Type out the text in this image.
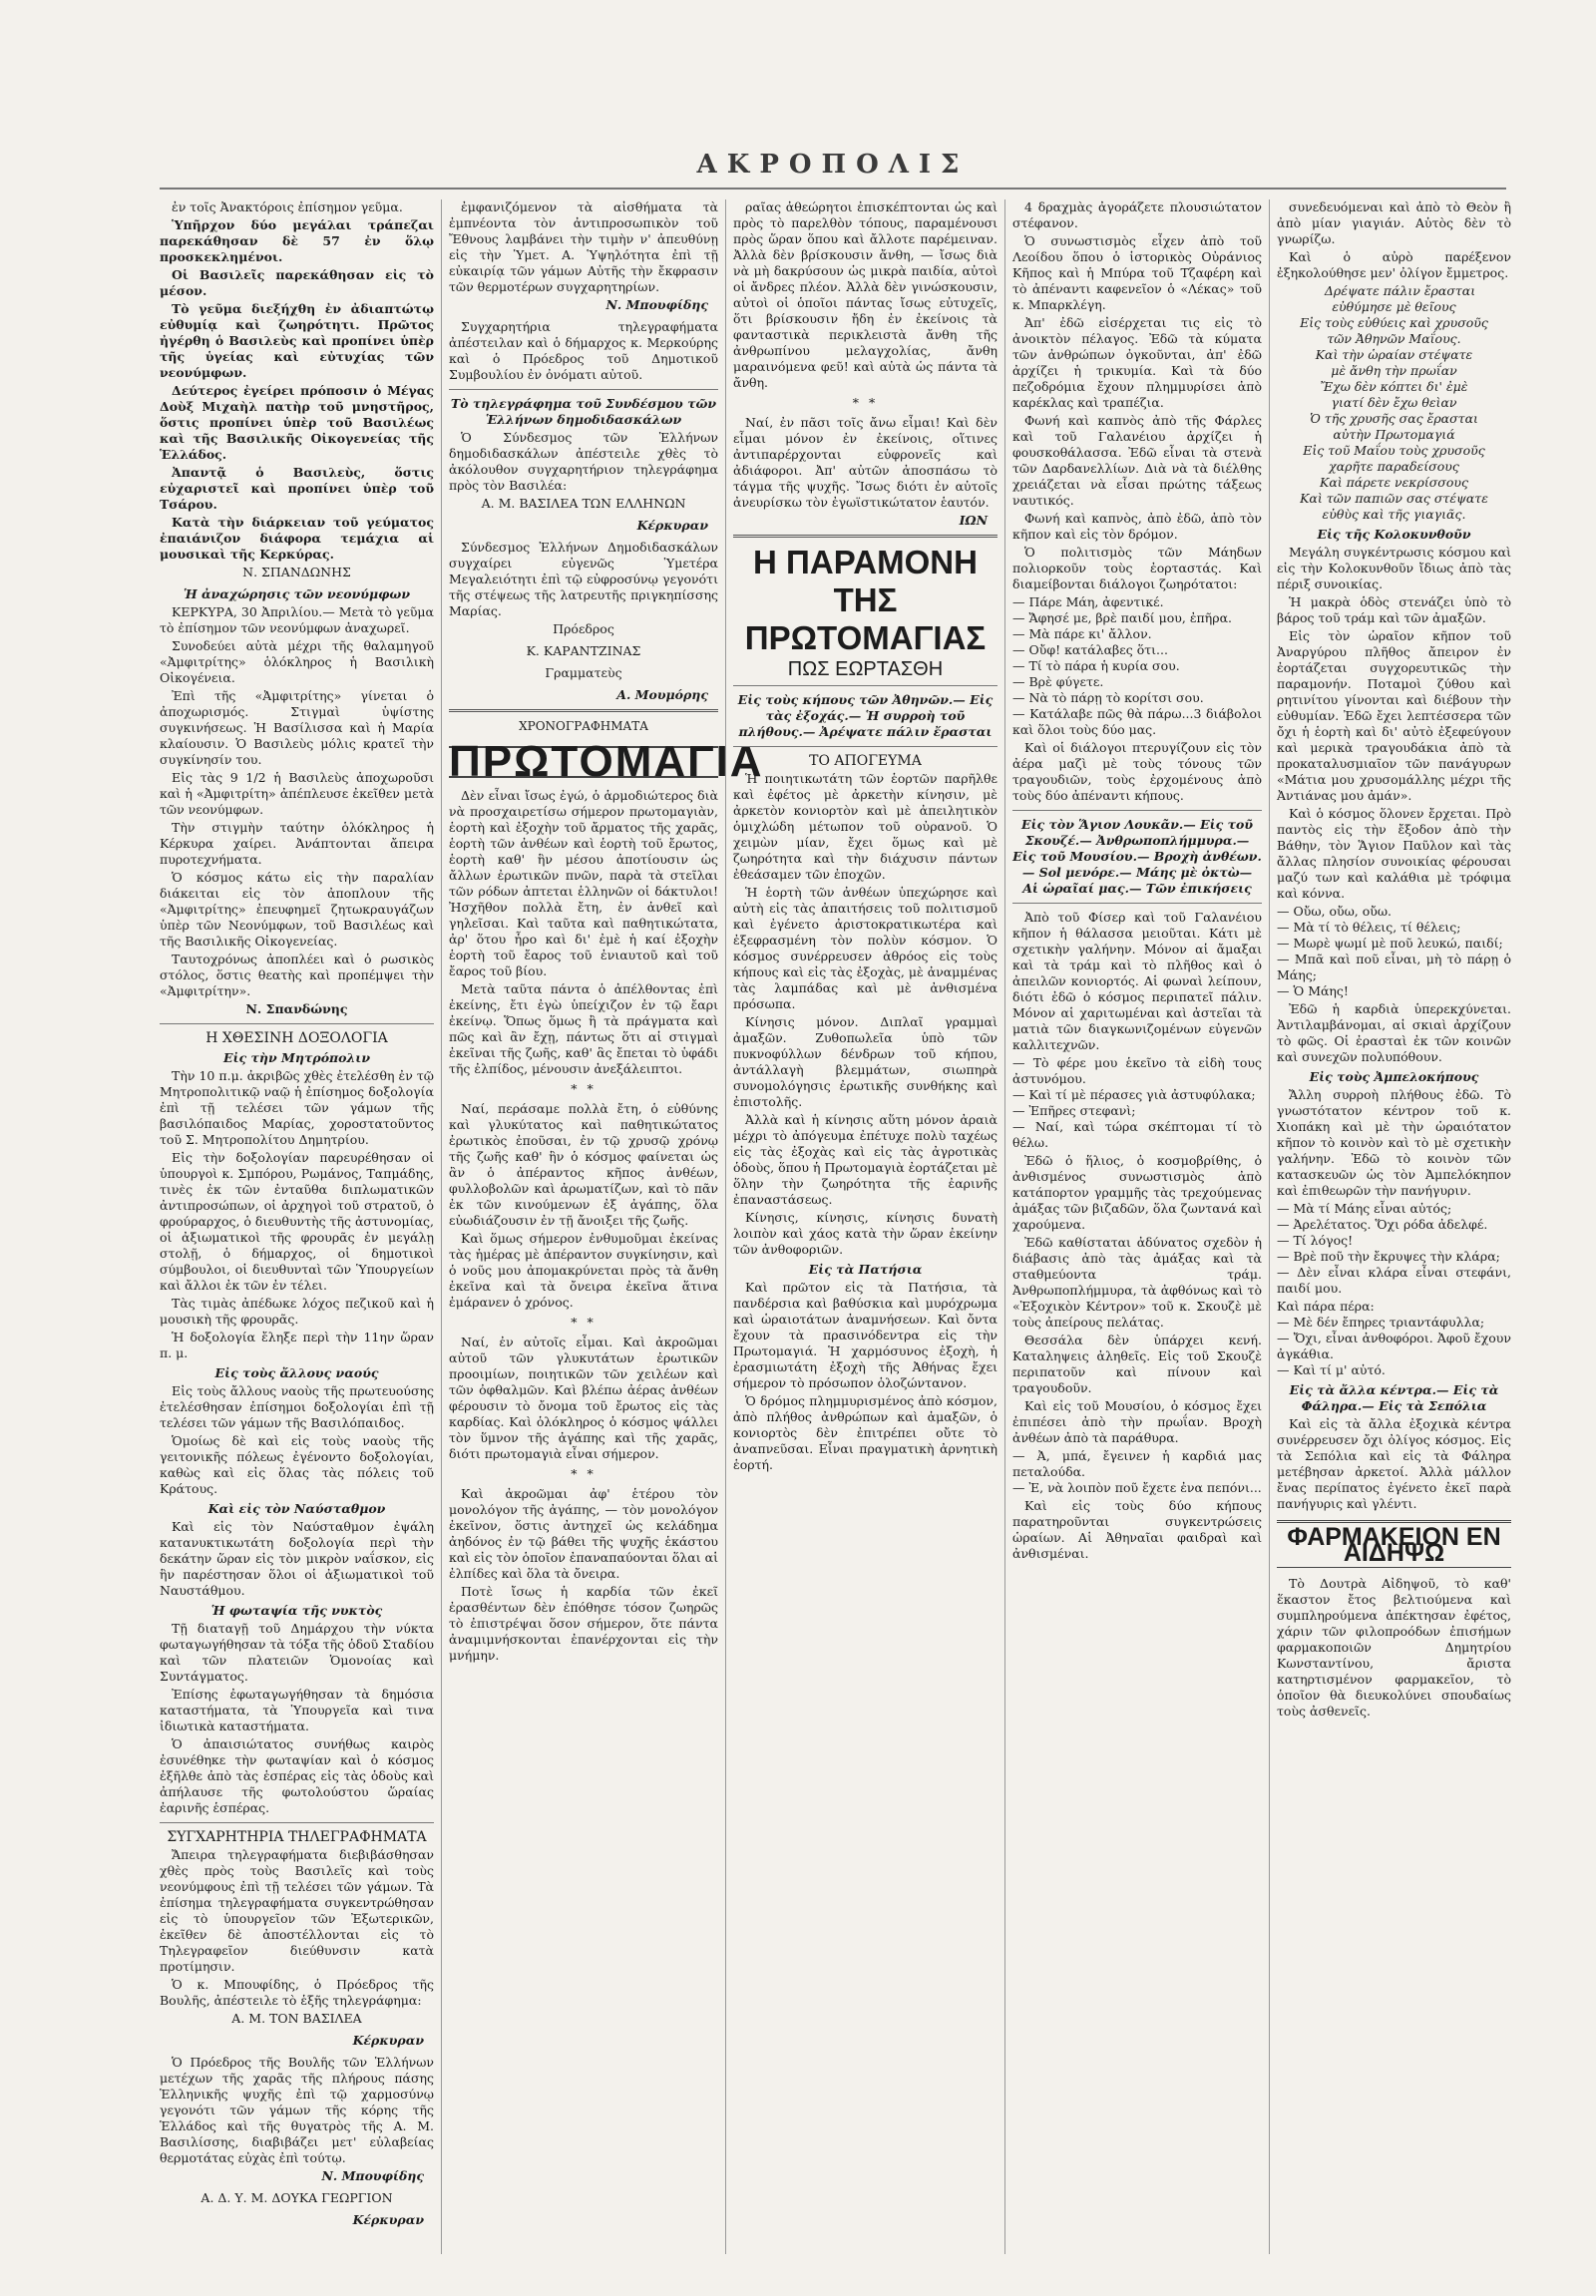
ΑΚΡΟΠΟΛΙΣ

ἐν τοῖς Ἀνακτόροις ἐπίσημον γεῦμα.

Ὑπῆρχον δύο μεγάλαι τράπεζαι παρεκάθησαν δὲ 57 ἐν ὅλῳ προσκεκλημένοι.

Οἱ Βασιλεῖς παρεκάθησαν εἰς τὸ μέσον.

Τὸ γεῦμα διεξήχθη ἐν ἀδιαπτώτῳ εὐθυμίᾳ καὶ ζωηρότητι. Πρῶτος ἠγέρθη ὁ Βασιλεὺς καὶ προπίνει ὑπὲρ τῆς ὑγείας καὶ εὐτυχίας τῶν νεονύμφων.

Δεύτερος ἐγείρει πρόποσιν ὁ Μέγας Δοὺξ Μιχαὴλ πατὴρ τοῦ μνηστῆρος, ὅστις προπίνει ὑπὲρ τοῦ Βασιλέως καὶ τῆς Βασιλικῆς Οἰκογενείας τῆς Ἑλλάδος.

Ἀπαντᾷ ὁ Βασιλεὺς, ὅστις εὐχαριστεῖ καὶ προπίνει ὑπὲρ τοῦ Τσάρου.

Κατὰ τὴν διάρκειαν τοῦ γεύματος ἐπαιάνιζον διάφορα τεμάχια αἱ μουσικαὶ τῆς Κερκύρας.

Ν. ΣΠΑΝΔΩΝΗΣ

Ἡ ἀναχώρησις τῶν νεονύμφων

ΚΕΡΚΥΡΑ, 30 Ἀπριλίου.— Μετὰ τὸ γεῦμα τὸ ἐπίσημον τῶν νεονύμφων ἀναχωρεῖ.

Συνοδεύει αὐτὰ μέχρι τῆς θαλαμηγοῦ «Ἀμφιτρίτης» ὁλόκληρος ἡ Βασιλικὴ Οἰκογένεια.

Ἐπὶ τῆς «Ἀμφιτρίτης» γίνεται ὁ ἀποχωρισμός. Στιγμαὶ ὑψίστης συγκινήσεως. Ἡ Βασίλισσα καὶ ἡ Μαρία κλαίουσιν. Ὁ Βασιλεὺς μόλις κρατεῖ τὴν συγκίνησίν του.

Εἰς τὰς 9 1/2 ἡ Βασιλεὺς ἀποχωροῦσι καὶ ἡ «Ἀμφιτρίτη» ἀπέπλευσε ἐκεῖθεν μετὰ τῶν νεονύμφων.

Τὴν στιγμὴν ταύτην ὁλόκληρος ἡ Κέρκυρα χαίρει. Ἀνάπτονται ἄπειρα πυροτεχνήματα.

Ὁ κόσμος κάτω εἰς τὴν παραλίαν διάκειται εἰς τὸν ἀποπλουν τῆς «Ἀμφιτρίτης» ἐπευφημεῖ ζητωκραυγάζων ὑπὲρ τῶν Νεονύμφων, τοῦ Βασιλέως καὶ τῆς Βασιλικῆς Οἰκογενείας.

Ταυτοχρόνως ἀποπλέει καὶ ὁ ρωσικὸς στόλος, ὅστις θεατὴς καὶ προπέμψει τὴν «Ἀμφιτρίτην».

Ν. Σπανδώνης

Η ΧΘΕΣΙΝΗ ΔΟΞΟΛΟΓΙΑ

Εἰς τὴν Μητρόπολιν

Τὴν 10 π.μ. ἀκριβῶς χθὲς ἐτελέσθη ἐν τῷ Μητροπολιτικῷ ναῷ ἡ ἐπίσημος δοξολογία ἐπὶ τῇ τελέσει τῶν γάμων τῆς βασιλόπαιδος Μαρίας, χοροστατοῦντος τοῦ Σ. Μητροπολίτου Δημητρίου.

Εἰς τὴν δοξολογίαν παρευρέθησαν οἱ ὑπουργοὶ κ. Σμπόρου, Ρωμάνος, Ταπμάδης, τινὲς ἐκ τῶν ἐνταῦθα διπλωματικῶν ἀντιπροσώπων, οἱ ἀρχηγοὶ τοῦ στρατοῦ, ὁ φρούραρχος, ὁ διευθυντὴς τῆς ἀστυνομίας, οἱ ἀξιωματικοὶ τῆς φρουρᾶς ἐν μεγάλῃ στολῇ, ὁ δήμαρχος, οἱ δημοτικοὶ σύμβουλοι, οἱ διευθυνταὶ τῶν Ὑπουργείων καὶ ἄλλοι ἐκ τῶν ἐν τέλει.

Τὰς τιμὰς ἀπέδωκε λόχος πεζικοῦ καὶ ἡ μουσικὴ τῆς φρουρᾶς.

Ἡ δοξολογία ἔληξε περὶ τὴν 11ην ὥραν π. μ.

Εἰς τοὺς ἄλλους ναούς

Εἰς τοὺς ἄλλους ναοὺς τῆς πρωτευούσης ἐτελέσθησαν ἐπίσημοι δοξολογίαι ἐπὶ τῇ τελέσει τῶν γάμων τῆς Βασιλόπαιδος.

Ὁμοίως δὲ καὶ εἰς τοὺς ναοὺς τῆς γειτονικῆς πόλεως ἐγένοντο δοξολογίαι, καθὼς καὶ εἰς ὅλας τὰς πόλεις τοῦ Κράτους.

Καὶ εἰς τὸν Ναύσταθμον

Καὶ εἰς τὸν Ναύσταθμον ἐψάλη κατανυκτικωτάτη δοξολογία περὶ τὴν δεκάτην ὥραν εἰς τὸν μικρὸν ναΐσκον, εἰς ἣν παρέστησαν ὅλοι οἱ ἀξιωματικοὶ τοῦ Ναυστάθμου.

Ἡ φωταψία τῆς νυκτὸς

Τῇ διαταγῇ τοῦ Δημάρχου τὴν νύκτα φωταγωγήθησαν τὰ τόξα τῆς ὁδοῦ Σταδίου καὶ τῶν πλατειῶν Ὁμονοίας καὶ Συντάγματος.

Ἐπίσης ἐφωταγωγήθησαν τὰ δημόσια καταστήματα, τὰ Ὑπουργεῖα καὶ τινα ἰδιωτικὰ καταστήματα.

Ὁ ἀπαισιώτατος συνήθως καιρὸς ἐσυνέθηκε τὴν φωταψίαν καὶ ὁ κόσμος ἐξῆλθε ἀπὸ τὰς ἑσπέρας εἰς τὰς ὁδοὺς καὶ ἀπήλαυσε τῆς φωτολούστου ὥραίας ἐαρινῆς ἑσπέρας.

ΣΥΓΧΑΡΗΤΗΡΙΑ ΤΗΛΕΓΡΑΦΗΜΑΤΑ

Ἄπειρα τηλεγραφήματα διεβιβάσθησαν χθὲς πρὸς τοὺς Βασιλεῖς καὶ τοὺς νεονύμφους ἐπὶ τῇ τελέσει τῶν γάμων. Τὰ ἐπίσημα τηλεγραφήματα συγκεντρώθησαν εἰς τὸ ὑπουργεῖον τῶν Ἐξωτερικῶν, ἐκεῖθεν δὲ ἀποστέλλονται εἰς τὸ Τηλεγραφεῖον διεύθυνσιν κατὰ προτίμησιν.

Ὁ κ. Μπουφίδης, ὁ Πρόεδρος τῆς Βουλῆς, ἀπέστειλε τὸ ἑξῆς τηλεγράφημα:

Α. Μ. ΤΟΝ ΒΑΣΙΛΕΑ

Κέρκυραν

Ὁ Πρόεδρος τῆς Βουλῆς τῶν Ἑλλήνων μετέχων τῆς χαρᾶς τῆς πλήρους πάσης Ἑλληνικῆς ψυχῆς ἐπὶ τῷ χαρμοσύνῳ γεγονότι τῶν γάμων τῆς κόρης τῆς Ἑλλάδος καὶ τῆς θυγατρὸς τῆς Α. Μ. Βασιλίσσης, διαβιβάζει μετ' εὐλαβείας θερμοτάτας εὐχὰς ἐπὶ τούτῳ.

Ν. Μπουφίδης

Α. Δ. Υ. Μ. ΔΟΥΚΑ ΓΕΩΡΓΙΟΝ

Κέρκυραν

ἐμφανιζόμενον τὰ αἰσθήματα τὰ ἐμπνέοντα τὸν ἀντιπροσωπικὸν τοῦ Ἔθνους λαμβάνει τὴν τιμὴν ν' ἀπευθύνῃ εἰς τὴν Ὑμετ. Α. Ὑψηλότητα ἐπὶ τῇ εὐκαιρίᾳ τῶν γάμων Αὐτῆς τὴν ἔκφρασιν τῶν θερμοτέρων συγχαρητηρίων.

Ν. Μπουφίδης

Συγχαρητήρια τηλεγραφήματα ἀπέστειλαν καὶ ὁ δήμαρχος κ. Μερκούρης καὶ ὁ Πρόεδρος τοῦ Δημοτικοῦ Συμβουλίου ἐν ὀνόματι αὐτοῦ.

Τὸ τηλεγράφημα τοῦ Συνδέσμου τῶν Ἑλλήνων δημοδιδασκάλων

Ὁ Σύνδεσμος τῶν Ἑλλήνων δημοδιδασκάλων ἀπέστειλε χθὲς τὸ ἀκόλουθον συγχαρητήριον τηλεγράφημα πρὸς τὸν Βασιλέα:

Α. Μ. ΒΑΣΙΛΕΑ ΤΩΝ ΕΛΛΗΝΩΝ

Κέρκυραν

Σύνδεσμος Ἑλλήνων Δημοδιδασκάλων συγχαίρει εὐγενῶς Ὑμετέρα Μεγαλειότητι ἐπὶ τῷ εὐφροσύνῳ γεγονότι τῆς στέψεως τῆς λατρευτῆς πριγκηπίσσης Μαρίας.

Πρόεδρος

Κ. ΚΑΡΑΝΤΖΙΝΑΣ

Γραμματεὺς

Α. Μουμόρης

ΧΡΟΝΟΓΡΑΦΗΜΑΤΑ

ΠΡΩΤΟΜΑΓΙΑ

Δὲν εἶναι ἴσως ἐγώ, ὁ ἁρμοδιώτερος διὰ νὰ προσχαιρετίσω σήμερον πρωτομαγιὰν, ἑορτὴ καὶ ἐξοχὴν τοῦ ἄρματος τῆς χαρᾶς, ἑορτὴ τῶν ἀνθέων καὶ ἑορτὴ τοῦ ἔρωτος, ἑορτὴ καθ' ἣν μέσου ἀποτίουσιν ὡς ἄλλων ἐρωτικῶν πνῶν, παρὰ τὰ στεῖλαι τῶν ρόδων ἀπτεται ἑλληνῶν οἱ δάκτυλοι! Ἠσχῆθον πολλὰ ἔτη, ἐν ἀνθεῖ καὶ γηλεῖσαι. Καὶ ταῦτα καὶ παθητικώτατα, ἀρ' ὅτου ἦρο καὶ δι' ἐμὲ ἡ καί ἐξοχὴν ἑορτὴ τοῦ ἔαρος τοῦ ἐνιαυτοῦ καὶ τοῦ ἔαρος τοῦ βίου.

Μετὰ ταῦτα πάντα ὁ ἀπέλθοντας ἐπὶ ἐκείνης, ἔτι ἐγὼ ὑπείχιζον ἐν τῷ ἔαρι ἐκείνῳ. Ὅπως ὅμως ἢ τὰ πράγματα καὶ πῶς καὶ ἂν ἔχῃ, πάντως ὅτι αἱ στιγμαὶ ἐκεῖναι τῆς ζωῆς, καθ' ἃς ἔπεται τὸ ὑφάδι τῆς ἐλπίδος, μένουσιν ἀνεξάλειπτοι.

* *

Ναί, περάσαμε πολλὰ ἔτη, ὁ εὐθύνης καὶ γλυκύτατος καὶ παθητικώτατος ἐρωτικὸς ἐποῦσαι, ἐν τῷ χρυσῷ χρόνῳ τῆς ζωῆς καθ' ἣν ὁ κόσμος φαίνεται ὡς ἂν ὁ ἀπέραντος κῆπος ἀνθέων, φυλλοβολῶν καὶ ἀρωματίζων, καὶ τὸ πᾶν ἐκ τῶν κινούμενων ἐξ ἀγάπης, ὅλα εὐωδιάζουσιν ἐν τῇ ἄνοιξει τῆς ζωῆς.

Καὶ ὅμως σήμερον ἐνθυμοῦμαι ἐκείνας τὰς ἡμέρας μὲ ἀπέραντον συγκίνησιν, καὶ ὁ νοῦς μου ἀπομακρύνεται πρὸς τὰ ἄνθη ἐκεῖνα καὶ τὰ ὄνειρα ἐκεῖνα ἅτινα ἐμάρανεν ὁ χρόνος.

* *

Ναί, ἐν αὐτοῖς εἶμαι. Καὶ ἀκροῶμαι αὐτοῦ τῶν γλυκυτάτων ἐρωτικῶν προοιμίων, ποιητικῶν τῶν χειλέων καὶ τῶν ὀφθαλμῶν. Καὶ βλέπω ἀέρας ἀνθέων φέρουσιν τὸ ὄνομα τοῦ ἔρωτος εἰς τὰς καρδίας. Καὶ ὁλόκληρος ὁ κόσμος ψάλλει τὸν ὕμνον τῆς ἀγάπης καὶ τῆς χαρᾶς, διότι πρωτομαγιὰ εἶναι σήμερον.

* *

Καὶ ἀκροῶμαι ἀφ' ἑτέρου τὸν μονολόγον τῆς ἀγάπης, — τὸν μονολόγον ἐκεῖνον, ὅστις ἀντηχεῖ ὡς κελάδημα ἀηδόνος ἐν τῷ βάθει τῆς ψυχῆς ἑκάστου καὶ εἰς τὸν ὁποῖον ἐπαναπαύονται ὅλαι αἱ ἐλπίδες καὶ ὅλα τὰ ὄνειρα.

Ποτὲ ἴσως ἡ καρδία τῶν ἐκεῖ ἐρασθέντων δὲν ἐπόθησε τόσον ζωηρῶς τὸ ἐπιστρέψαι ὅσον σήμερον, ὅτε πάντα ἀναμιμνήσκονται ἐπανέρχονται εἰς τὴν μνήμην.

ραῖας ἀθεώρητοι ἐπισκέπτονται ὡς καὶ πρὸς τὸ παρελθὸν τόπους, παραμένουσι πρὸς ὥραν ὅπου καὶ ἄλλοτε παρέμειναν. Ἀλλὰ δὲν βρίσκουσιν ἄνθη, — ἴσως διὰ νὰ μὴ δακρύσουν ὡς μικρὰ παιδία, αὐτοὶ οἱ ἄνδρες πλέον. Ἀλλὰ δὲν γινώσκουσιν, αὐτοὶ οἱ ὁποῖοι πάντας ἴσως εὐτυχεῖς, ὅτι βρίσκουσιν ἤδη ἐν ἐκείνοις τὰ φανταστικὰ περικλειστὰ ἄνθη τῆς ἀνθρωπίνου μελαγχολίας, ἄνθη μαραινόμενα φεῦ! καὶ αὐτὰ ὡς πάντα τὰ ἄνθη.

* *

Ναί, ἐν πᾶσι τοῖς ἄνω εἶμαι! Καὶ δὲν εἶμαι μόνον ἐν ἐκείνοις, οἵτινες ἀντιπαρέρχονται εὐφρονεῖς καὶ ἀδιάφοροι. Ἀπ' αὐτῶν ἀποσπάσω τὸ τάγμα τῆς ψυχῆς. Ἴσως διότι ἐν αὐτοῖς ἀνευρίσκω τὸν ἐγωϊστικώτατον ἑαυτόν.

ΙΩΝ

Η ΠΑΡΑΜΟΝΗ ΤΗΣ ΠΡΩΤΟΜΑΓΙΑΣ
ΠΩΣ ΕΩΡΤΑΣΘΗ

Εἰς τοὺς κήπους τῶν Ἀθηνῶν.— Εἰς τὰς ἐξοχάς.— Ἡ συρροὴ τοῦ πλήθους.— Ἀρέψατε πάλιν ἔρασται

ΤΟ ΑΠΟΓΕΥΜΑ

Ἡ ποιητικωτάτη τῶν ἑορτῶν παρῆλθε καὶ ἐφέτος μὲ ἀρκετὴν κίνησιν, μὲ ἀρκετὸν κονιορτὸν καὶ μὲ ἀπειλητικὸν ὁμιχλώδη μέτωπον τοῦ οὐρανοῦ. Ὁ χειμὼν μίαν, ἔχει ὅμως καὶ μὲ ζωηρότητα καὶ τὴν διάχυσιν πάντων ἐθεάσαμεν τῶν ἐποχῶν.

Ἡ ἑορτὴ τῶν ἀνθέων ὑπεχώρησε καὶ αὐτὴ εἰς τὰς ἀπαιτήσεις τοῦ πολιτισμοῦ καὶ ἐγένετο ἀριστοκρατικωτέρα καὶ ἐξεφρασμένη τὸν πολὺν κόσμον. Ὁ κόσμος συνέρρευσεν ἀθρόος εἰς τοὺς κήπους καὶ εἰς τὰς ἐξοχὰς, μὲ ἀναμμένας τὰς λαμπάδας καὶ μὲ ἀνθισμένα πρόσωπα.

Κίνησις μόνον. Διπλαῖ γραμμαὶ ἀμαξῶν. Ζυθοπωλεῖα ὑπὸ τῶν πυκνοφύλλων δένδρων τοῦ κήπου, ἀντάλλαγὴ βλεμμάτων, σιωπηρὰ συνομολόγησις ἐρωτικῆς συνθήκης καὶ ἐπιστολῆς.

Ἀλλὰ καὶ ἡ κίνησις αὕτη μόνον ἀραιὰ μέχρι τὸ ἀπόγευμα ἐπέτυχε πολὺ ταχέως εἰς τὰς ἐξοχὰς καὶ εἰς τὰς ἀγροτικὰς ὁδοὺς, ὅπου ἡ Πρωτομαγιὰ ἐορτάζεται μὲ ὅλην τὴν ζωηρότητα τῆς ἐαρινῆς ἐπαναστάσεως.

Κίνησις, κίνησις, κίνησις δυνατὴ λοιπὸν καὶ χάος κατὰ τὴν ὥραν ἐκείνην τῶν ἀνθοφοριῶν.

Εἰς τὰ Πατήσια

Καὶ πρῶτον εἰς τὰ Πατήσια, τὰ πανδέρσια καὶ βαθύσκια καὶ μυρόχρωμα καὶ ὡραιοτάτων ἀναμνήσεων. Καὶ ὄντα ἔχουν τὰ πρασινόδεντρα εἰς τὴν Πρωτομαγιά. Ἡ χαρμόσυνος ἐξοχὴ, ἡ ἐρασμιωτάτη ἐξοχὴ τῆς Ἀθήνας ἔχει σήμερον τὸ πρόσωπον ὁλοζώντανον.

Ὁ δρόμος πλημμυρισμένος ἀπὸ κόσμον, ἀπὸ πλήθος ἀνθρώπων καὶ ἀμαξῶν, ὁ κονιορτὸς δὲν ἐπιτρέπει οὔτε τὸ ἀναπνεῦσαι. Εἶναι πραγματικὴ ἀρνητικὴ ἑορτή.

4 δραχμὰς ἀγοράζετε πλουσιώτατον στέφανον.

Ὁ συνωστισμὸς εἶχεν ἀπὸ τοῦ Λεοίδου ὅπου ὁ ἱστορικὸς Οὐράνιος Κῆπος καὶ ἡ Μπύρα τοῦ Τζαφέρη καὶ τὸ ἀπέναντι καφενεῖον ὁ «Λέκας» τοῦ κ. Μπαρκλέγη.

Ἀπ' ἐδῶ εἰσέρχεται τις εἰς τὸ ἀνοικτὸν πέλαγος. Ἐδῶ τὰ κύματα τῶν ἀνθρώπων ὀγκοῦνται, ἀπ' ἐδῶ ἀρχίζει ἡ τρικυμία. Καὶ τὰ δύο πεζοδρόμια ἔχουν πλημμυρίσει ἀπὸ καρέκλας καὶ τραπέζια.

Φωνή καὶ καπνὸς ἀπὸ τῆς Φάρλες καὶ τοῦ Γαλανέιου ἀρχίζει ἡ φουσκοθάλασσα. Ἐδῶ εἶναι τὰ στενὰ τῶν Δαρδανελλίων. Διὰ νὰ τὰ διέλθης χρειάζεται νὰ εἶσαι πρώτης τάξεως ναυτικός.

Φωνή καὶ καπνὸς, ἀπὸ ἐδῶ, ἀπὸ τὸν κῆπον καὶ εἰς τὸν δρόμον.

Ὁ πολιτισμὸς τῶν Μάηδων πολιορκοῦν τοὺς ἐορταστάς. Καὶ διαμείβονται διάλογοι ζωηρότατοι:

— Πάρε Μάη, ἀφεντικέ.
— Ἄφησέ με, βρὲ παιδί μου, ἐπῆρα.
— Μὰ πάρε κι' ἄλλον.
— Οὔφ! κατάλαβες ὅτι...
— Τί τὸ πάρα ἡ κυρία σου.
— Βρὲ φύγετε.
— Νὰ τὸ πάρῃ τὸ κορίτσι σου.
— Κατάλαβε πῶς θὰ πάρω...3 διάβολοι καὶ ὅλοι τοὺς δύο μας.

Καὶ οἱ διάλογοι πτερυγίζουν εἰς τὸν ἀέρα μαζὶ μὲ τοὺς τόνους τῶν τραγουδιῶν, τοὺς ἐρχομένους ἀπὸ τοὺς δύο ἀπέναντι κήπους.

Εἰς τὸν Ἅγιον Λουκᾶν.— Εἰς τοῦ Σκουζέ.— Ἀνθρωποπλήμμυρα.— Εἰς τοῦ Μουσίου.— Βροχὴ ἀνθέων.— Sol μενόρε.— Μάης μὲ ὀκτὼ— Αἱ ὡραῖαί μας.— Τῶν ἐπικήσεις

Ἀπὸ τοῦ Φίσερ καὶ τοῦ Γαλανέιου κῆπον ἡ θάλασσα μειοῦται. Κάτι μὲ σχετικὴν γαλήνην. Μόνον αἱ ἄμαξαι καὶ τὰ τράμ καὶ τὸ πλῆθος καὶ ὁ ἀπειλῶν κονιορτός. Αἱ φωναὶ λείπουν, διότι ἐδῶ ὁ κόσμος περιπατεῖ πάλιν. Μόνον αἱ χαριτωμέναι καὶ ἀστεῖαι τὰ ματιὰ τῶν διαγκωνιζομένων εὐγενῶν καλλιτεχνῶν.

— Τὸ φέρε μου ἑκεῖνο τὰ εἰδὴ τους ἀστυνόμου.
— Καὶ τί μὲ πέρασες γιὰ ἀστυφύλακα;
— Ἐπῆρες στεφανὶ;
— Ναί, καὶ τώρα σκέπτομαι τί τὸ θέλω.

Ἐδῶ ὁ ἥλιος, ὁ κοσμοβρίθης, ὁ ἀνθισμένος συνωστισμὸς ἀπὸ κατάπορτον γραμμῆς τὰς τρεχούμενας ἀμάξας τῶν βιζαδῶν, ὅλα ζωντανά καὶ χαρούμενα.

Ἐδῶ καθίσταται ἀδύνατος σχεδὸν ἡ διάβασις ἀπὸ τὰς ἀμάξας καὶ τὰ σταθμεύοντα τράμ. Ἀνθρωποπλήμμυρα, τὰ ἀφθόνως καὶ τὸ «Ἐξοχικὸν Κέντρον» τοῦ κ. Σκουζὲ μὲ τοὺς ἀπείρους πελάτας.

Θεσσάλα δὲν ὑπάρχει κενή. Καταληψεις ἀληθεῖς. Εἰς τοῦ Σκουζὲ περιπατοῦν καὶ πίνουν καὶ τραγουδοῦν.

Καὶ εἰς τοῦ Μουσίου, ὁ κόσμος ἔχει ἐπιπέσει ἀπὸ τὴν πρωΐαν. Βροχὴ ἀνθέων ἀπὸ τὰ παράθυρα.

— Ἀ, μπά, ἔγεινεν ἡ καρδιά μας πεταλούδα.
— Ἐ, νὰ λοιπὸν ποῦ ἔχετε ἐνα πεπόνι...

Καὶ εἰς τοὺς δύο κήπους παρατηροῦνται συγκεντρώσεις ὡραίων. Αἱ Ἀθηναῖαι φαιδραὶ καὶ ἀνθισμέναι.

συνεδευόμεναι καὶ ἀπὸ τὸ Θεὸν ἢ ἀπὸ μίαν γιαγιάν. Αὐτὸς δὲν τὸ γνωρίζω.

Καὶ ὁ αὐρὸ παρέξενον ἐξηκολούθησε μεν' ὀλίγον ἔμμετρος.

Δρέψατε πάλιν ἔρασται
εὐθύμησε μὲ θεῖους
Εἰς τοὺς εὐθύεις καὶ χρυσοῦς
τῶν Ἀθηνῶν Μαΐους.
Καὶ τὴν ὡραίαν στέψατε
μὲ ἄνθη τὴν πρωΐαν
Ἔχω δὲν κόπτει δι' ἐμὲ
γιατί δὲν ἔχω θεὶαν
Ὁ τῆς χρυσῆς σας ἔρασται
αὐτὴν Πρωτομαγιά
Εἰς τοῦ Μαΐου τοὺς χρυσοῦς
χαρῆτε παραδείσους
Καὶ πάρετε νεκρίσσους
Καὶ τῶν παπιῶν σας στέψατε
εὐθὺς καὶ τῆς γιαγιᾶς.

Εἰς τῆς Κολοκυνθοῦν

Μεγάλη συγκέντρωσις κόσμου καὶ εἰς τὴν Κολοκυνθοῦν ἴδιως ἀπὸ τὰς πέριξ συνοικίας.

Ἡ μακρὰ ὁδὸς στενάζει ὑπὸ τὸ βάρος τοῦ τράμ καὶ τῶν ἀμαξῶν.

Εἰς τὸν ὡραῖον κῆπον τοῦ Ἀναργύρου πλῆθος ἄπειρον ἐν ἐορτάζεται συγχορευτικῶς τὴν παραμονήν. Ποταμοὶ ζύθου καὶ ρητινίτου γίνονται καὶ διέβουν τὴν εὐθυμίαν. Ἐδῶ ἔχει λεπτέσσερα τῶν ὄχι ἡ ἑορτὴ καὶ δι' αὐτὸ ἐξεφεύγουν καὶ μερικὰ τραγουδάκια ἀπὸ τὰ προκαταλυσμιαῖον τῶν πανάγυρων «Μάτια μου χρυσομάλλης μέχρι τῆς Ἀντιάνας μου ἀμάν».

Καὶ ὁ κόσμος ὅλονεν ἔρχεται. Πρὸ παντὸς εἰς τὴν ἔξοδον ἀπὸ τὴν Βάθην, τὸν Ἅγιον Παῦλον καὶ τὰς ἄλλας πλησίον συνοικίας φέρουσαι μαζύ των καὶ καλάθια μὲ τρόφιμα καὶ κόννα.

— Οὔω, οὔω, οὔω.
— Μὰ τί τὸ θέλεις, τί θέλεις;
— Μωρὲ ψωμί μὲ ποῦ λευκώ, παιδί;
— Μπᾶ καὶ ποῦ εἶναι, μὴ τὸ πάρῃ ὁ Μάης;
— Ὁ Μάης!

Ἐδῶ ἡ καρδιὰ ὑπερεκχύνεται. Ἀντιλαμβάνομαι, αἱ σκιαὶ ἀρχίζουν τὸ φῶς. Οἱ ἐρασταὶ ἐκ τῶν κοινῶν καὶ συνεχῶν πολυπόθουν.

Εἰς τοὺς Ἀμπελοκήπους

Ἄλλη συρροὴ πλήθους ἐδῶ. Τὸ γνωστότατον κέντρον τοῦ κ. Χιοπάκη καὶ μὲ τὴν ὡραιότατον κῆπον τὸ κοινὸν καὶ τὸ μὲ σχετικὴν γαλήνην. Ἐδῶ τὸ κοινὸν τῶν κατασκευῶν ὡς τὸν Ἀμπελόκηπον καὶ ἐπιθεωρῶν τὴν πανήγυριν.

— Μὰ τί Μάης εἶναι αὐτός;
— Ἀρελέτατος. Ὅχι ρόδα ἀδελφέ.
— Τί λόγος!
— Βρὲ ποῦ τὴν ἔκρυψες τὴν κλάρα;
— Δὲν εἶναι κλάρα εἶναι στεφάνι, παιδί μου.

Καὶ πάρα πέρα:
— Μὲ δέν ἔπηρες τριαντάφυλλα;
— Ὄχι, εἶναι ἀνθοφόροι. Ἀφοῦ ἔχουν ἀγκάθια.
— Καὶ τί μ' αὐτό.

Εἰς τὰ ἄλλα κέντρα.— Εἰς τὰ Φάληρα.— Εἰς τὰ Σεπόλια

Καὶ εἰς τὰ ἄλλα ἐξοχικὰ κέντρα συνέρρευσεν ὄχι ὀλίγος κόσμος. Εἰς τὰ Σεπόλια καὶ εἰς τὰ Φάληρα μετέβησαν ἀρκετοί. Ἀλλὰ μάλλον ἔνας περίπατος ἐγένετο ἐκεῖ παρὰ πανήγυρις καὶ γλέντι.

ΦΑΡΜΑΚΕΙΟΝ ΕΝ ΑΙΔΗΨΩ

Τὸ Δουτρὰ Αἰδηψοῦ, τὸ καθ' ἕκαστον ἔτος βελτιούμενα καὶ συμπληρούμενα ἀπέκτησαν ἐφέτος, χάριν τῶν φιλοπροόδων ἐπισήμων φαρμακοποιῶν Δημητρίου Κωνσταντίνου, ἄριστα κατηρτισμένον φαρμακεῖον, τὸ ὁποῖον θὰ διευκολύνει σπουδαίως τοὺς ἀσθενεῖς.
